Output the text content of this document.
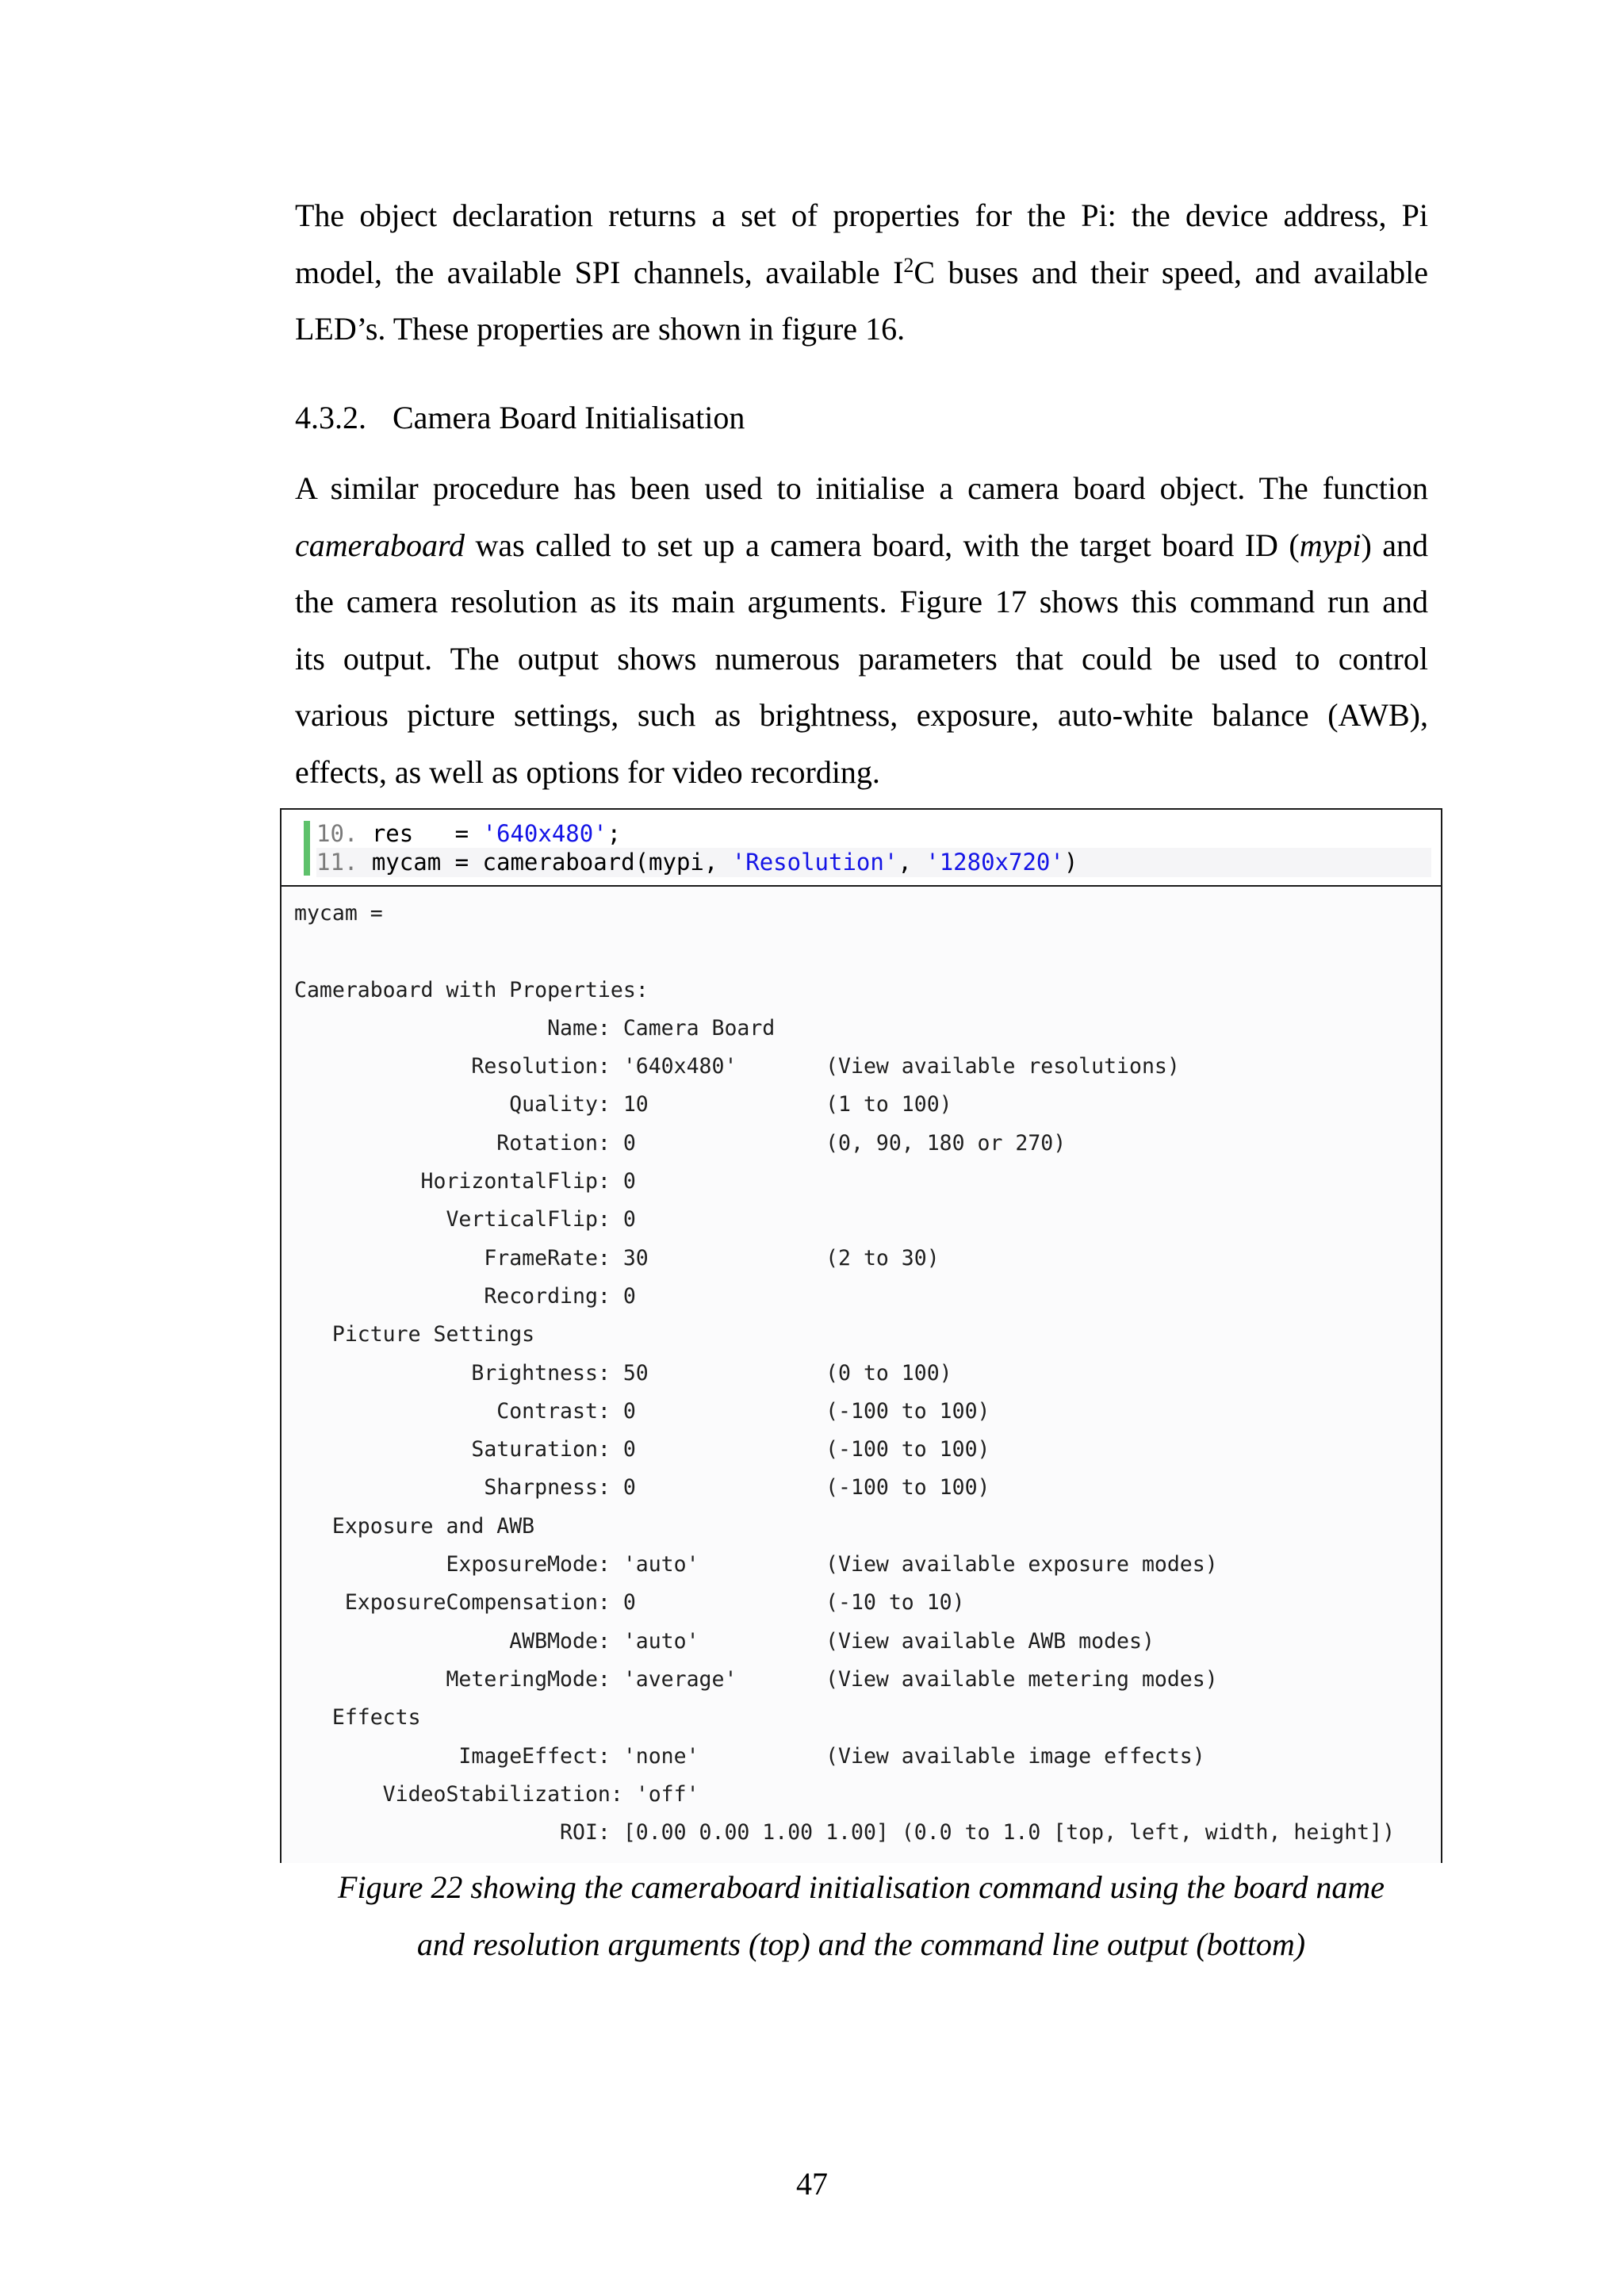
The object declaration returns a set of properties for the Pi: the device address, Pi
model, the available SPI channels, available $I^2C$ buses and their speed, and available
LED’s. These properties are shown in figure 16.
4.3.2. Camera Board Initialisation
A similar procedure has been used to initialise a camera board object. The function
cameraboard was called to set up a camera board, with the target board ID (mypi) and
the camera resolution as its main arguments. Figure 17 shows this command run and
its output. The output shows numerous parameters that could be used to control
various picture settings, such as brightness, exposure, auto-white balance (AWB),
effects, as well as options for video recording.
10. res   = '640x480';
11. mycam = cameraboard(mypi, 'Resolution', '1280x720')
mycam =
Cameraboard with Properties:
Name: Camera Board
Resolution: '640x480'       (View available resolutions)
Quality: 10              (1 to 100)
Rotation: 0               (0, 90, 180 or 270)
HorizontalFlip: 0
VerticalFlip: 0
FrameRate: 30              (2 to 30)
Recording: 0
Picture Settings
Brightness: 50              (0 to 100)
Contrast: 0               (-100 to 100)
Saturation: 0               (-100 to 100)
Sharpness: 0               (-100 to 100)
Exposure and AWB
ExposureMode: 'auto'          (View available exposure modes)
ExposureCompensation: 0               (-10 to 10)
AWBMode: 'auto'          (View available AWB modes)
MeteringMode: 'average'       (View available metering modes)
Effects
ImageEffect: 'none'          (View available image effects)
VideoStabilization: 'off'
ROI: [0.00 0.00 1.00 1.00] (0.0 to 1.0 [top, left, width, height])
Figure 22 showing the cameraboard initialisation command using the board name
and resolution arguments (top) and the command line output (bottom)
47
